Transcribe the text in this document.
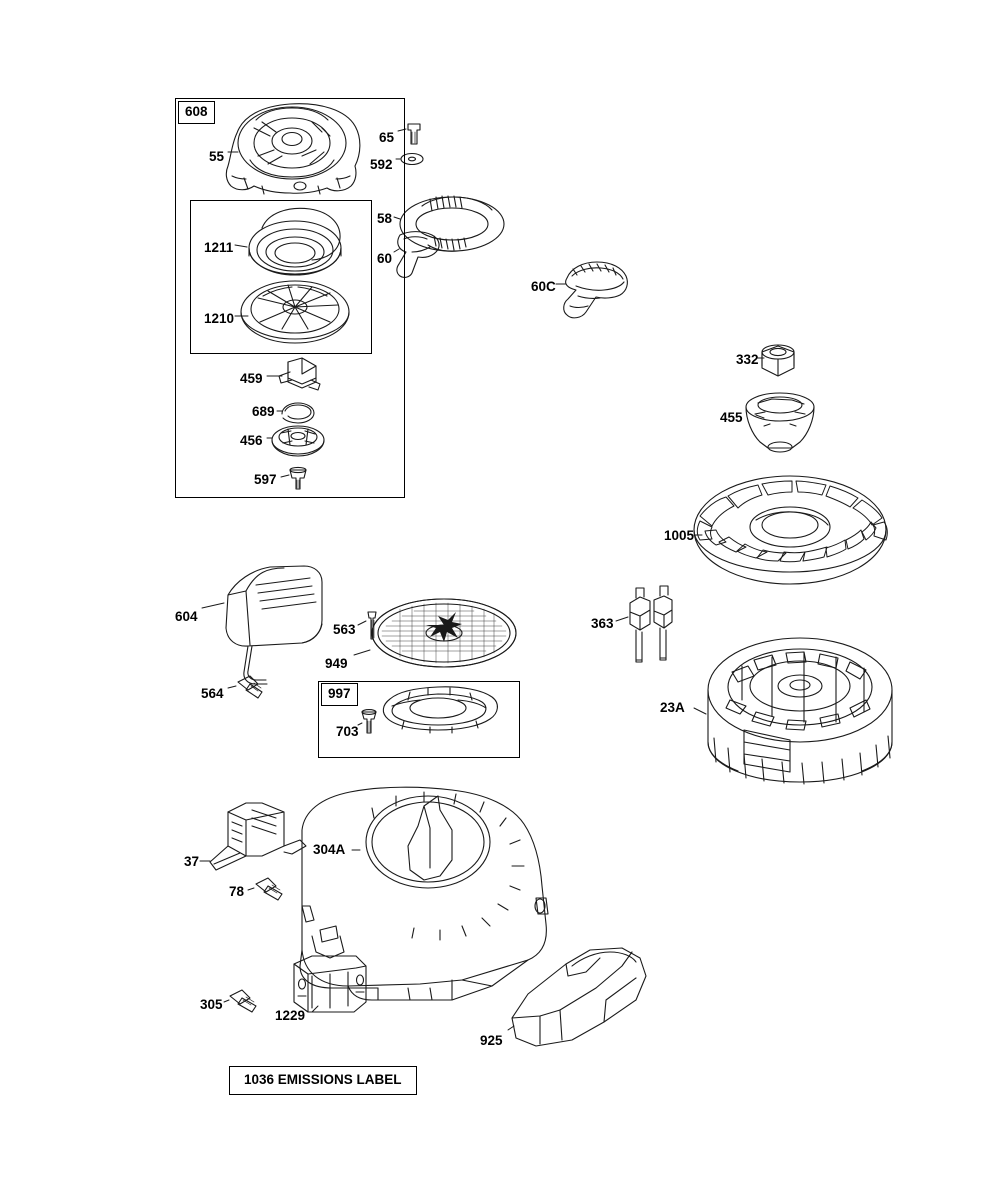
608
55
65
592
1211
1210
58
60
60C
459
689
456
597
332
455
1005
604
564
563
949
997
703
363
23A
37
78
304A
305
1229
925
1036 EMISSIONS LABEL
